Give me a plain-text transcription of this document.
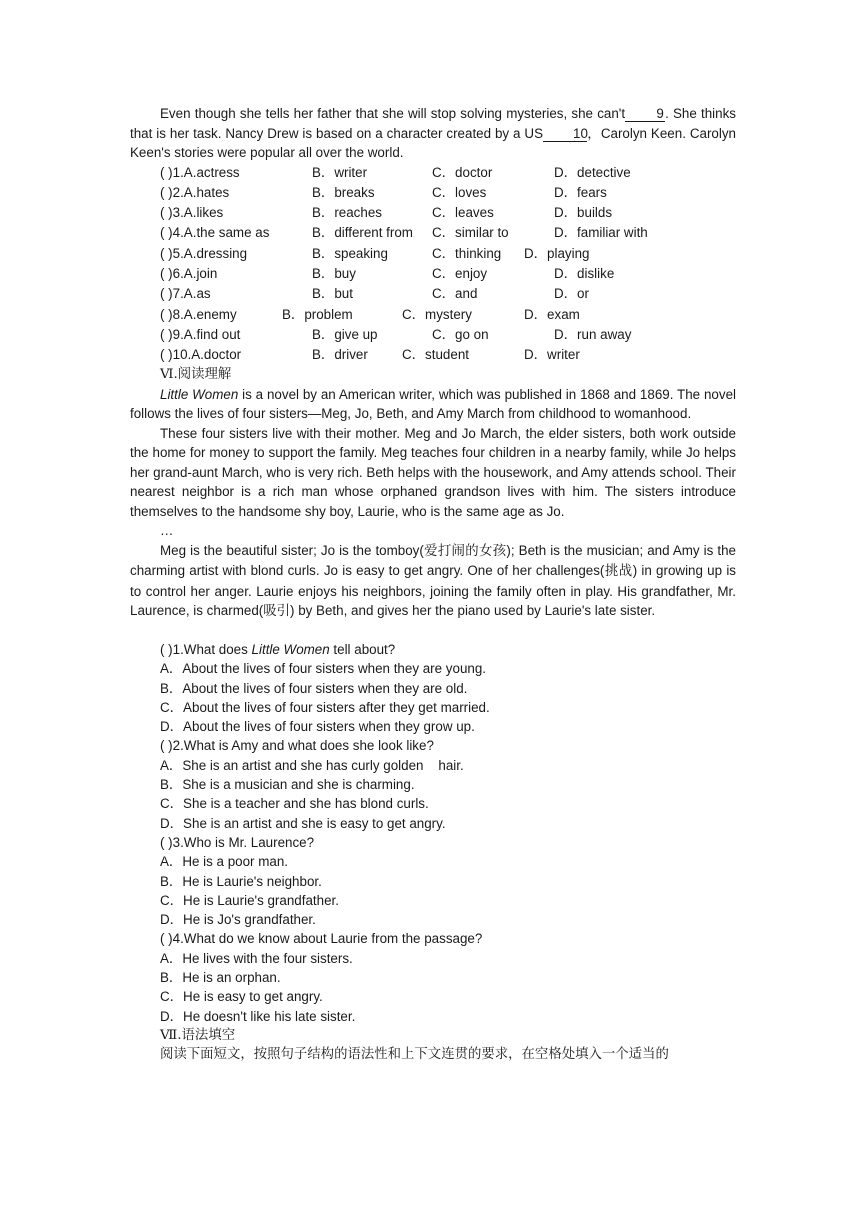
Even though she tells her father that she will stop solving mysteries, she can't 9. She thinks that is her task. Nancy Drew is based on a character created by a US 10，Carolyn Keen. Carolyn Keen's stories were popular all over the world.

( )1.A.actress	B．writer	C．doctor	D．detective
( )2.A.hates	B．breaks	C．loves	D．fears
( )3.A.likes	B．reaches	C．leaves	D．builds
( )4.A.the same as	B．different from C．similar to	D．familiar with
( )5.A.dressing	B．speaking	C．thinking D．playing
( )6.A.join	B．buy	C．enjoy	D．dislike
( )7.A.as	B．but	C．and	D．or
( )8.A.enemy	B．problem	C．mystery	D．exam
( )9.A.find out	B．give up	C．go on	D．run away
( )10.A.doctor	B．driver	C．student	D．writer
Ⅵ.阅读理解

Little Women is a novel by an American writer, which was published in 1868 and 1869. The novel follows the lives of four sisters—Meg, Jo, Beth, and Amy March from childhood to womanhood.

These four sisters live with their mother. Meg and Jo March, the elder sisters, both work outside the home for money to support the family. Meg teaches four children in a nearby family, while Jo helps her grand-aunt March, who is very rich. Beth helps with the housework, and Amy attends school. Their nearest neighbor is a rich man whose orphaned grandson lives with him. The sisters introduce themselves to the handsome shy boy, Laurie, who is the same age as Jo.

…

Meg is the beautiful sister; Jo is the tomboy(爱打闹的女孩); Beth is the musician; and Amy is the charming artist with blond curls. Jo is easy to get angry. One of her challenges(挑战) in growing up is to control her anger. Laurie enjoys his neighbors, joining the family often in play. His grandfather, Mr. Laurence, is charmed(吸引) by Beth, and gives her the piano used by Laurie's late sister.

( )1.What does Little Women tell about?
A．About the lives of four sisters when they are young.
B．About the lives of four sisters when they are old.
C．About the lives of four sisters after they get married.
D．About the lives of four sisters when they grow up.
( )2.What is Amy and what does she look like?
A．She is an artist and she has curly golden    hair.
B．She is a musician and she is charming.
C．She is a teacher and she has blond curls.
D．She is an artist and she is easy to get angry.
( )3.Who is Mr. Laurence?
A．He is a poor man.
B．He is Laurie's neighbor.
C．He is Laurie's grandfather.
D．He is Jo's grandfather.
( )4.What do we know about Laurie from the passage?
A．He lives with the four sisters.
B．He is an orphan.
C．He is easy to get angry.
D．He doesn't like his late sister.
Ⅶ.语法填空
阅读下面短文，按照句子结构的语法性和上下文连贯的要求，在空格处填入一个适当的
